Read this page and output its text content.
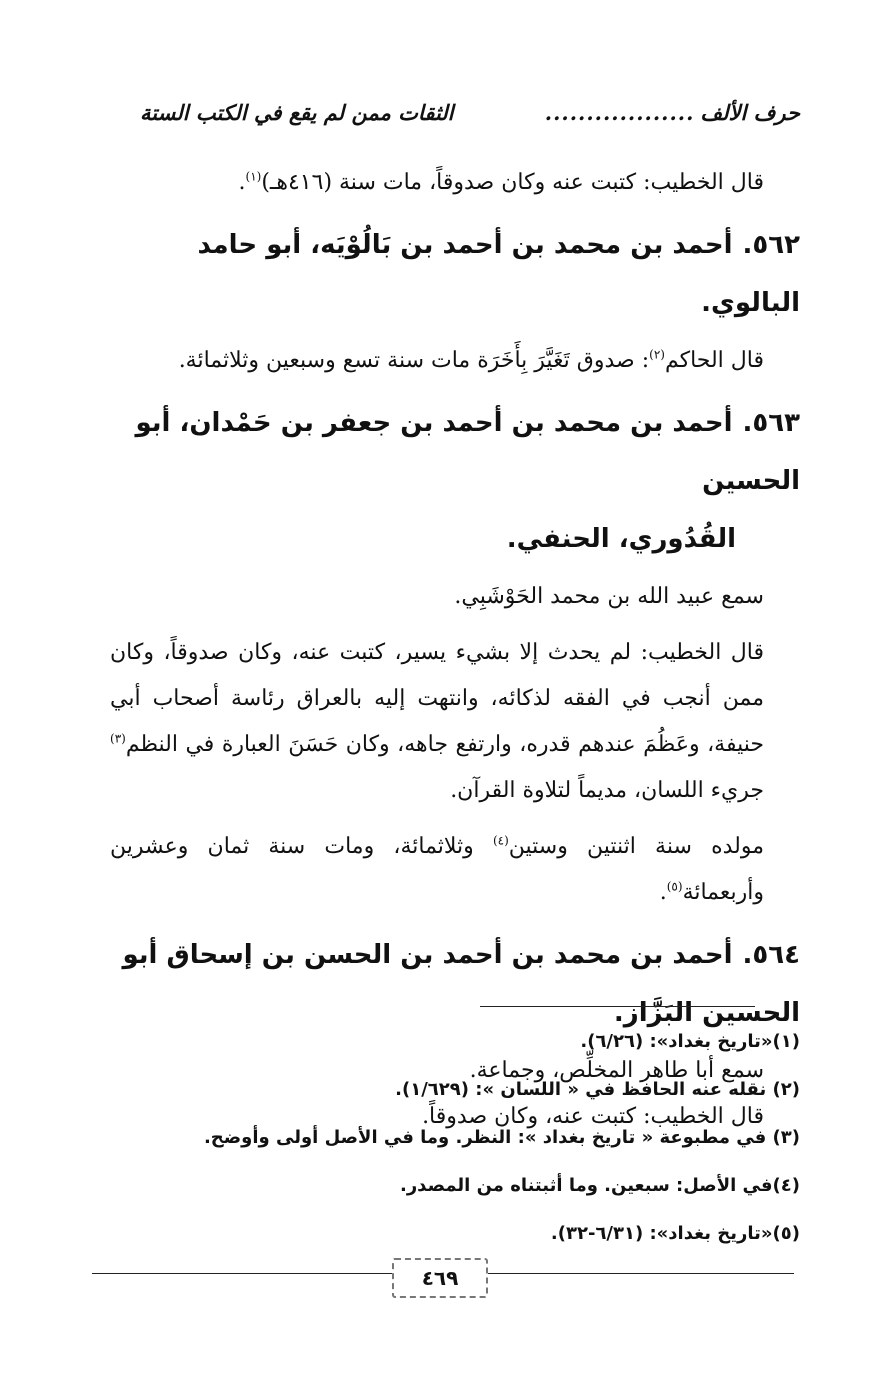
حرف الألف
..................
الثقات ممن لم يقع في الكتب الستة

قال الخطيب: كتبت عنه وكان صدوقاً، مات سنة (٤١٦هـ)$^{(١)}$.

٥٦٢.أحمد بن محمد بن أحمد بن بَالُوْيَه، أبو حامد البالوي.

قال الحاكم$^{(٢)}$: صدوق تَغَيَّرَ بِأَخَرَة مات سنة تسع وسبعين وثلاثمائة.

٥٦٣.أحمد بن محمد بن أحمد بن جعفر بن حَمْدان، أبو الحسين
القُدُوري، الحنفي.

سمع عبيد الله بن محمد الحَوْشَبِي.

قال الخطيب: لم يحدث إلا بشيء يسير، كتبت عنه، وكان صدوقاً، وكان ممن أنجب في الفقه لذكائه، وانتهت إليه بالعراق رئاسة أصحاب أبي حنيفة، وعَظُمَ عندهم قدره، وارتفع جاهه، وكان حَسَنَ العبارة في النظم$^{(٣)}$ جريء اللسان، مديماً لتلاوة القرآن.

مولده سنة اثنتين وستين$^{(٤)}$ وثلاثمائة، ومات سنة ثمان وعشرين وأربعمائة$^{(٥)}$.

٥٦٤.أحمد بن محمد بن أحمد بن الحسن بن إسحاق أبو الحسين البَزَّاز.

سمع أبا طاهر المخلِّص، وجماعة.

قال الخطيب: كتبت عنه، وكان صدوقاً.

(١)«تاريخ بغداد»: (٦/٢٦).
(٢) نقله عنه الحافظ في « اللسان »: (١/٦٢٩).
(٣) في مطبوعة « تاريخ بغداد »: النظر. وما في الأصل أولى وأوضح.
(٤)في الأصل: سبعين. وما أثبتناه من المصدر.
(٥)«تاريخ بغداد»: (٦/٣١-٣٢).
٤٦٩
